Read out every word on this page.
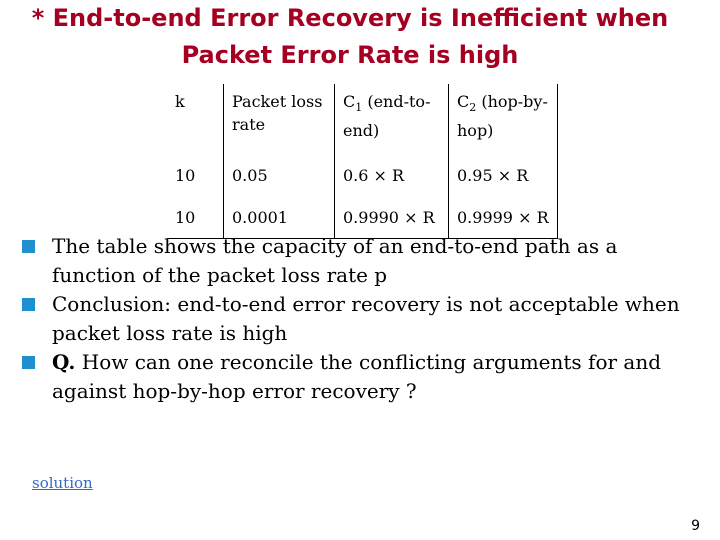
* End-to-end Error Recovery is Inefficient when
Packet Error Rate is high
k	Packet loss rate	$C_1$ (end-to-end)	$C_2$ (hop-by-hop)
10	0.05	0.6 × R	0.95 × R
10	0.0001	0.9990 × R	0.9999 × R
The table shows the capacity of an end-to-end path as a function of the packet loss rate p
Conclusion: end-to-end error recovery is not acceptable when packet loss rate is high
Q. How can one reconcile the conflicting arguments for and against hop-by-hop error recovery ?
solution
9
